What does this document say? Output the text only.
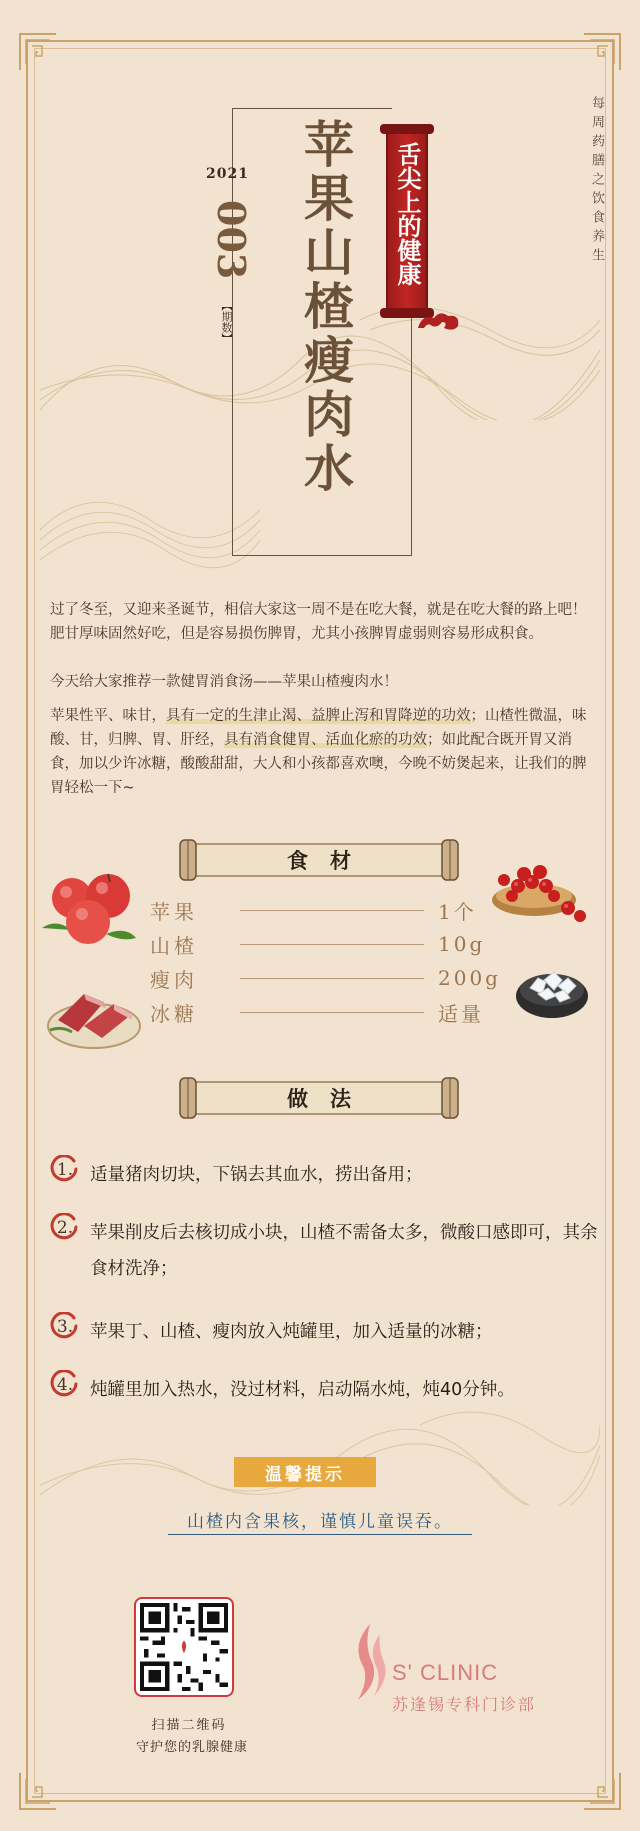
2021
003
【期数】 苹果山楂瘦肉水 舌尖上的健康	每周药膳之饮食养生

过了冬至，又迎来圣诞节，相信大家这一周不是在吃大餐，就是在吃大餐的路上吧！肥甘厚味固然好吃，但是容易损伤脾胃，尤其小孩脾胃虚弱则容易形成积食。

今天给大家推荐一款健胃消食汤——苹果山楂瘦肉水！

苹果性平、味甘，具有一定的生津止渴、益脾止泻和胃降逆的功效；山楂性微温，味酸、甘，归脾、胃、肝经，具有消食健胃、活血化瘀的功效；如此配合既开胃又消食，加以少许冰糖，酸酸甜甜，大人和小孩都喜欢噢，今晚不妨煲起来，让我们的脾胃轻松一下~

食材
苹果	1个
山楂	10g
瘦肉	200g
冰糖	适量
做法
1. 适量猪肉切块，下锅去其血水，捞出备用；
2. 苹果削皮后去核切成小块，山楂不需备太多，微酸口感即可，其余食材洗净；
3. 苹果丁、山楂、瘦肉放入炖罐里，加入适量的冰糖；
4. 炖罐里加入热水，没过材料，启动隔水炖，炖40分钟。
温馨提示
山楂内含果核，谨慎儿童误吞。
扫描二维码
守护您的乳腺健康
S' CLINIC
苏逢锡专科门诊部
